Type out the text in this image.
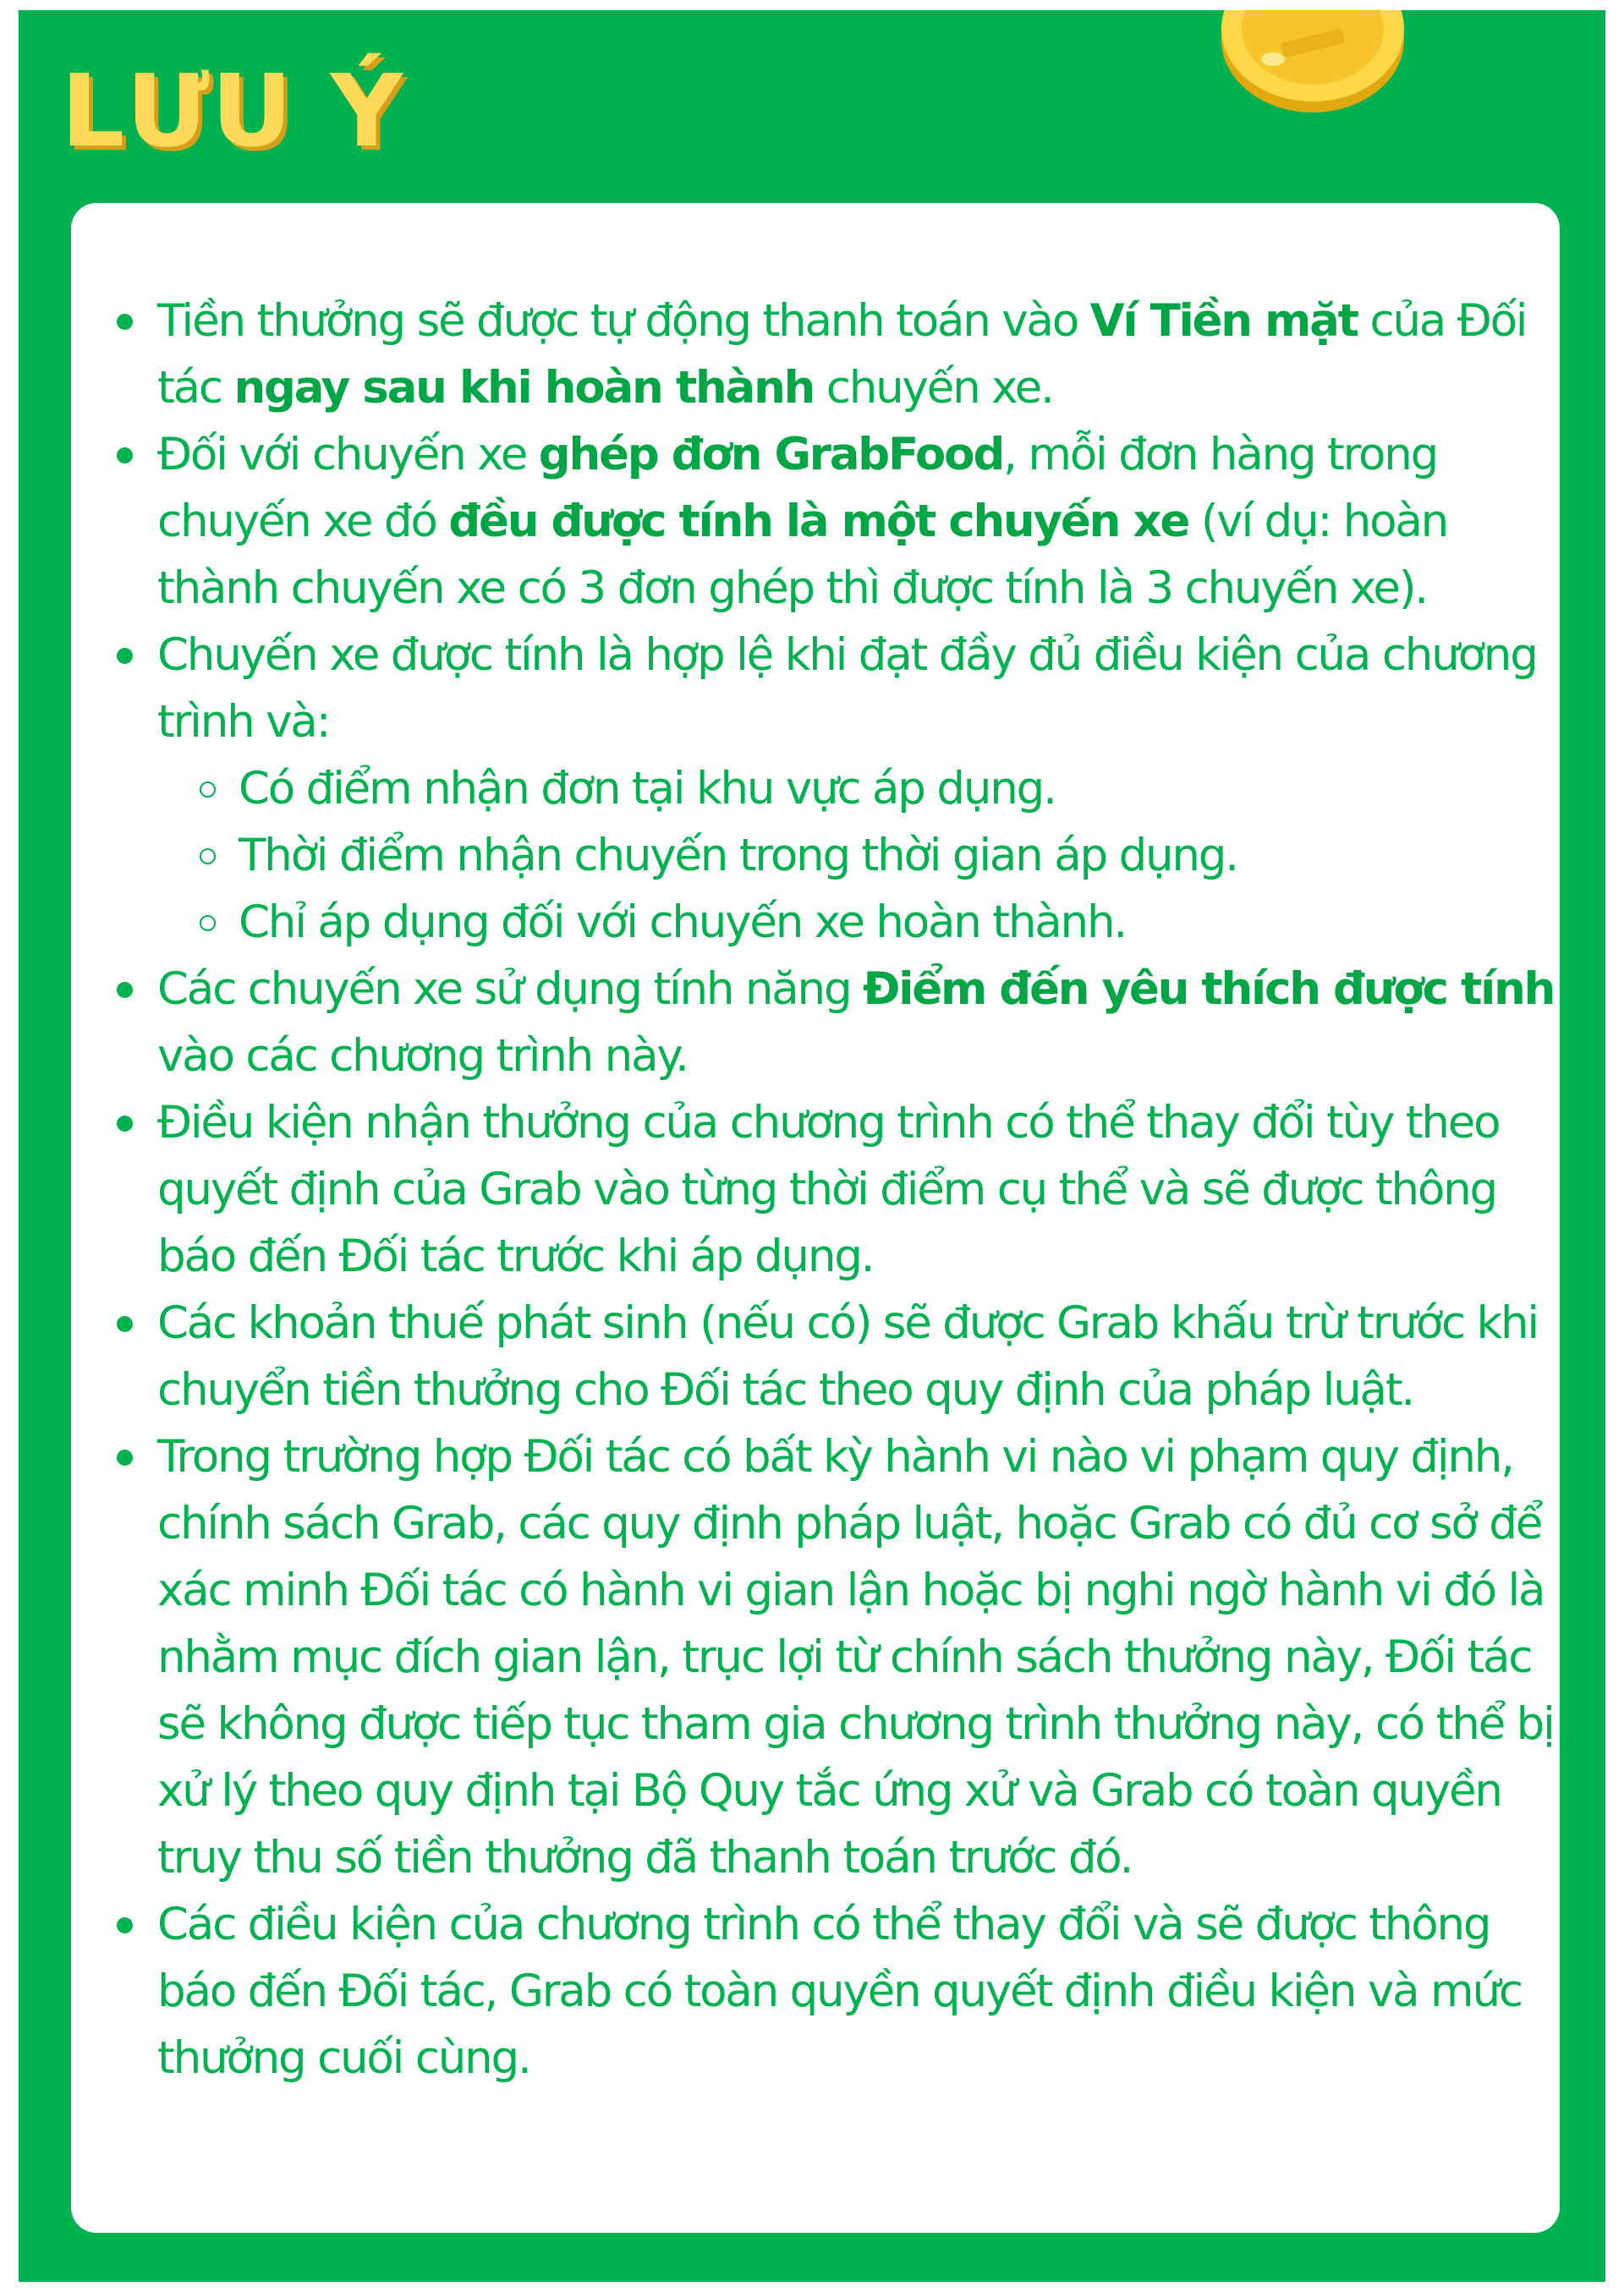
LƯU Ý
Tiền thưởng sẽ được tự động thanh toán vào Ví Tiền mặt của Đối tác ngay sau khi hoàn thành chuyến xe.
Đối với chuyến xe ghép đơn GrabFood, mỗi đơn hàng trong chuyến xe đó đều được tính là một chuyến xe (ví dụ: hoàn thành chuyến xe có 3 đơn ghép thì được tính là 3 chuyến xe).
Chuyến xe được tính là hợp lệ khi đạt đầy đủ điều kiện của chương trình và:
Có điểm nhận đơn tại khu vực áp dụng.
Thời điểm nhận chuyến trong thời gian áp dụng.
Chỉ áp dụng đối với chuyến xe hoàn thành.
Các chuyến xe sử dụng tính năng Điểm đến yêu thích được tính vào các chương trình này.
Điều kiện nhận thưởng của chương trình có thể thay đổi tùy theo quyết định của Grab vào từng thời điểm cụ thể và sẽ được thông báo đến Đối tác trước khi áp dụng.
Các khoản thuế phát sinh (nếu có) sẽ được Grab khấu trừ trước khi chuyển tiền thưởng cho Đối tác theo quy định của pháp luật.
Trong trường hợp Đối tác có bất kỳ hành vi nào vi phạm quy định, chính sách Grab, các quy định pháp luật, hoặc Grab có đủ cơ sở để xác minh Đối tác có hành vi gian lận hoặc bị nghi ngờ hành vi đó là nhằm mục đích gian lận, trục lợi từ chính sách thưởng này, Đối tác sẽ không được tiếp tục tham gia chương trình thưởng này, có thể bị xử lý theo quy định tại Bộ Quy tắc ứng xử và Grab có toàn quyền truy thu số tiền thưởng đã thanh toán trước đó.
Các điều kiện của chương trình có thể thay đổi và sẽ được thông báo đến Đối tác, Grab có toàn quyền quyết định điều kiện và mức thưởng cuối cùng.
